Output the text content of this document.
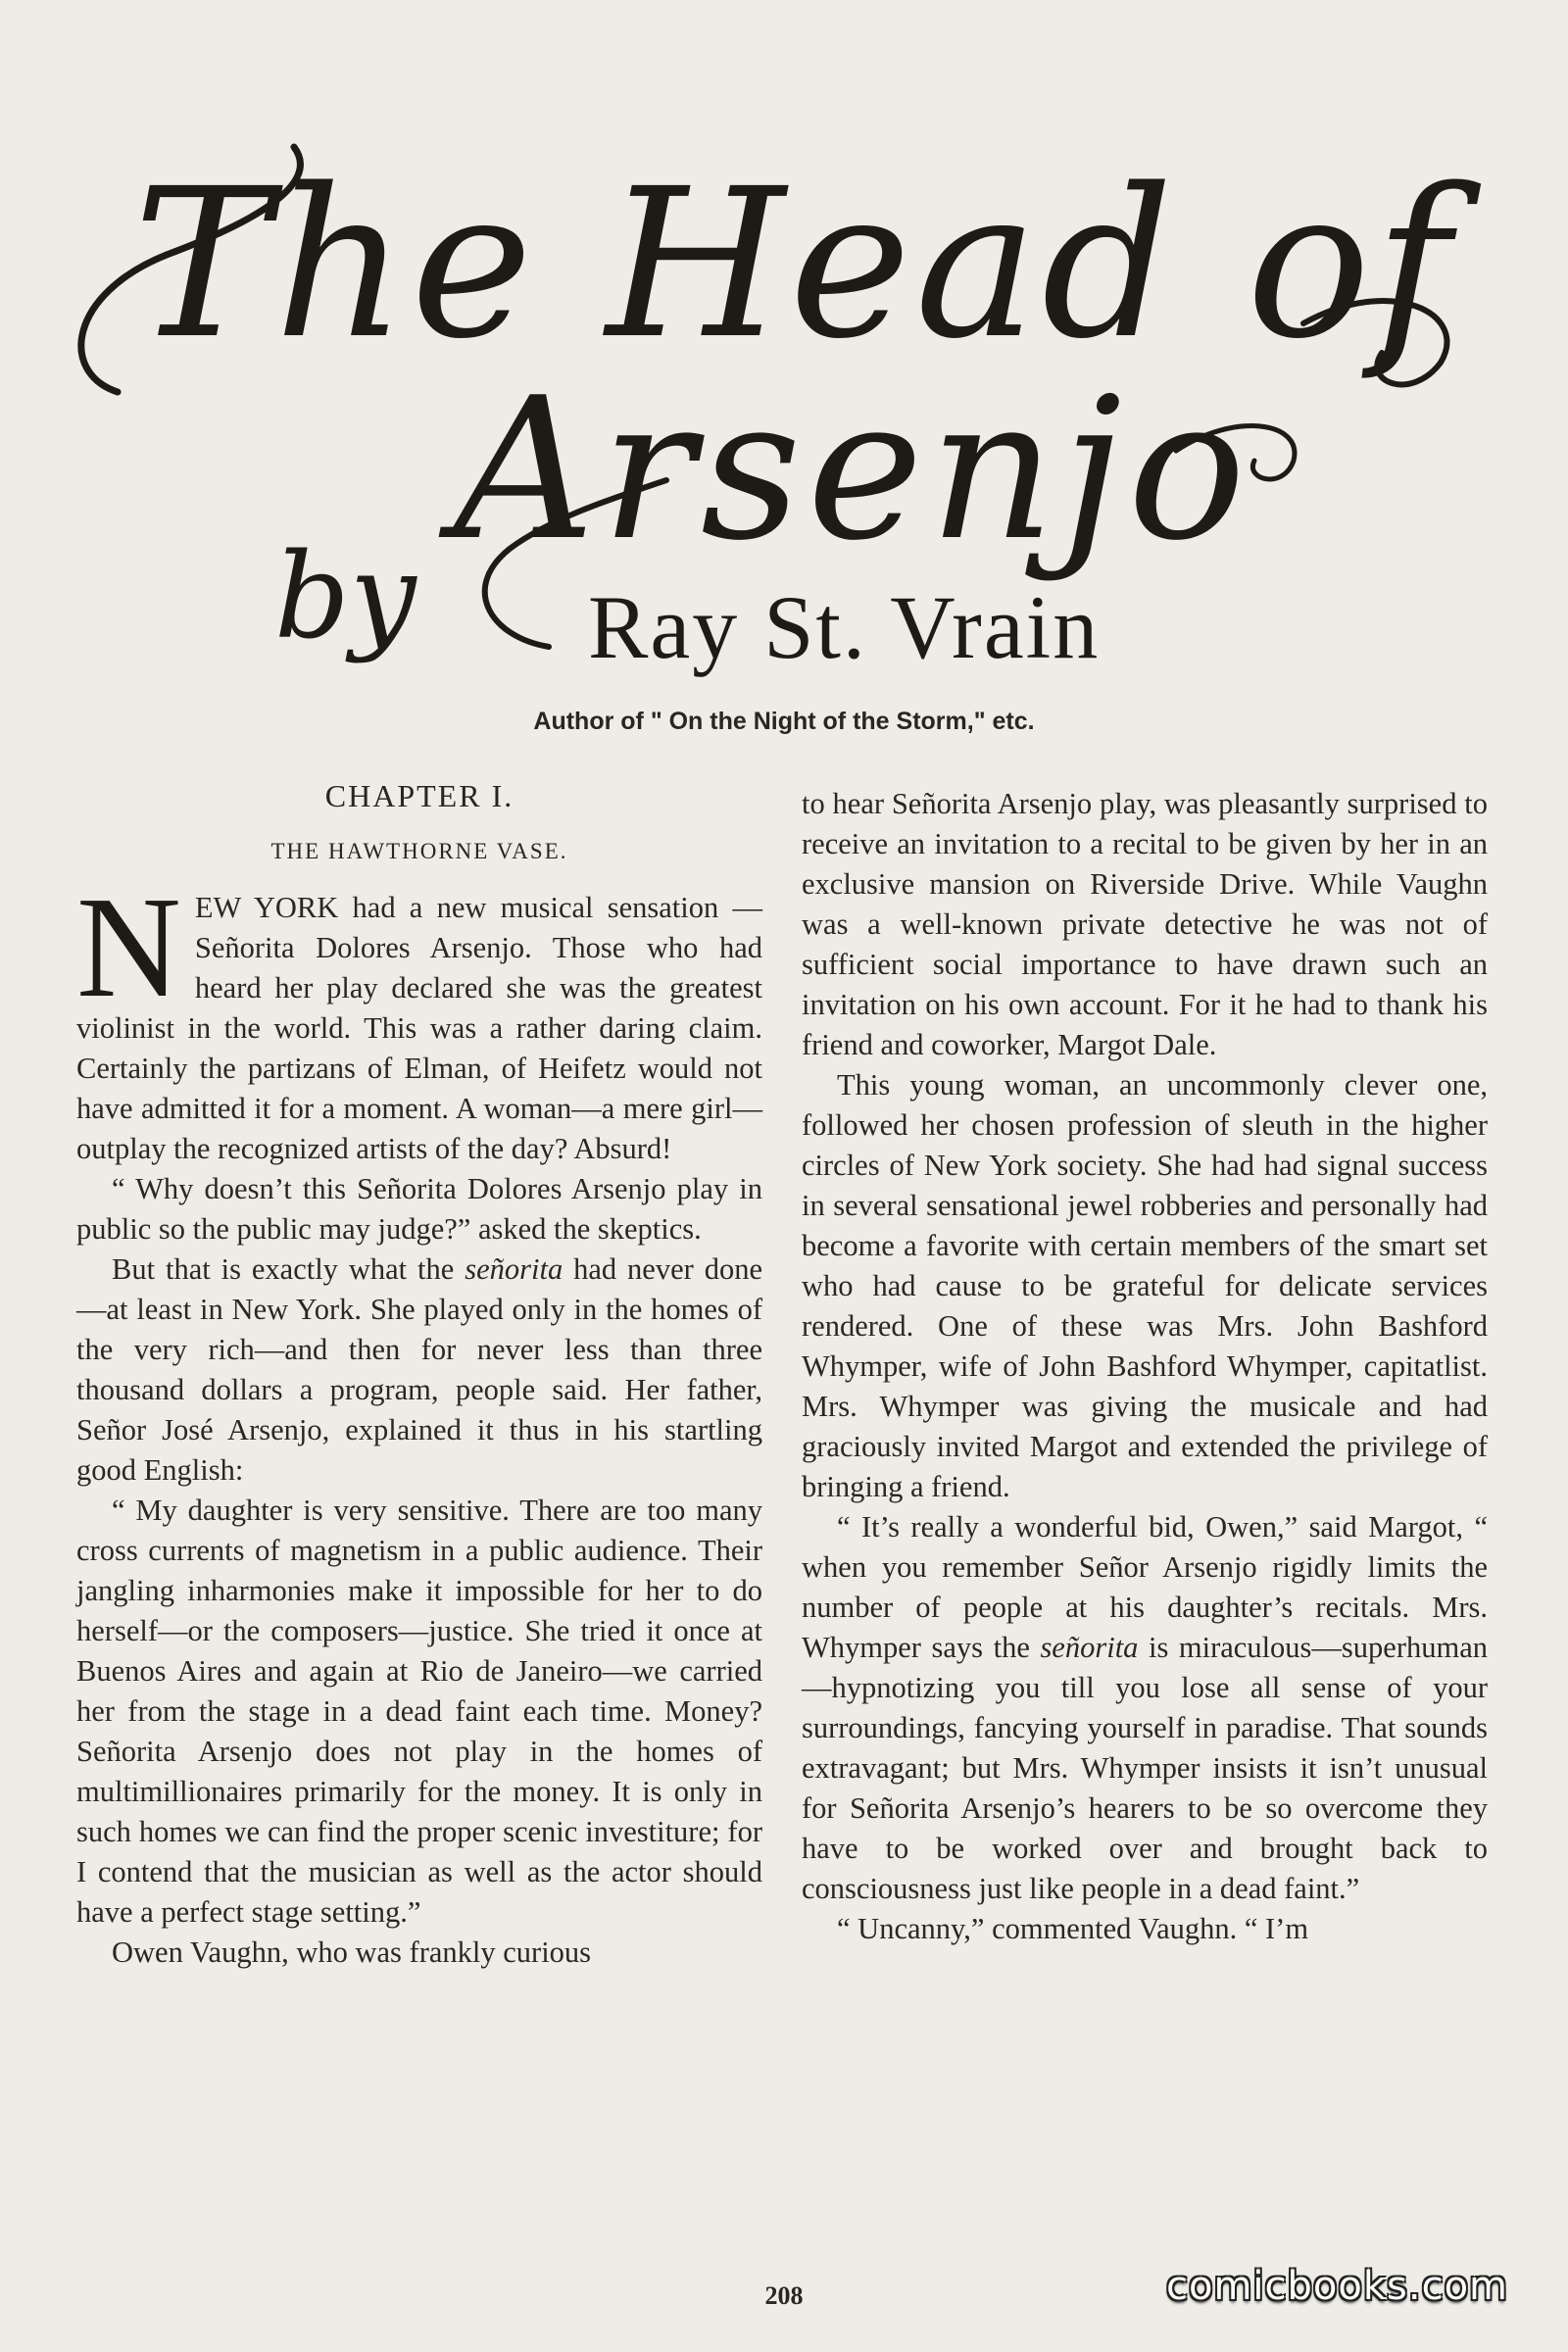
The Head of
Arsenjo
by Ray St. Vrain
Author of " On the Night of the Storm," etc.
CHAPTER I.
THE HAWTHORNE VASE.

NEW YORK had a new musical sensation — Señorita Dolores Arsenjo. Those who had heard her play declared she was the greatest violinist in the world. This was a rather daring claim. Certainly the partizans of Elman, of Heifetz would not have admitted it for a moment. A woman—a mere girl—outplay the recognized artists of the day? Absurd!

“ Why doesn’t this Señorita Dolores Arsenjo play in public so the public may judge?” asked the skeptics.

But that is exactly what the señorita had never done—at least in New York. She played only in the homes of the very rich—and then for never less than three thousand dollars a program, people said. Her father, Señor José Arsenjo, explained it thus in his startling good English:

“ My daughter is very sensitive. There are too many cross currents of magnetism in a public audience. Their jangling inharmonies make it impossible for her to do herself—or the composers—justice. She tried it once at Buenos Aires and again at Rio de Janeiro—we carried her from the stage in a dead faint each time. Money? Señorita Arsenjo does not play in the homes of multimillionaires primarily for the money. It is only in such homes we can find the proper scenic investiture; for I contend that the musician as well as the actor should have a perfect stage setting.”

Owen Vaughn, who was frankly curious

to hear Señorita Arsenjo play, was pleasantly surprised to receive an invitation to a recital to be given by her in an exclusive mansion on Riverside Drive. While Vaughn was a well-known private detective he was not of sufficient social importance to have drawn such an invitation on his own account. For it he had to thank his friend and coworker, Margot Dale.

This young woman, an uncommonly clever one, followed her chosen profession of sleuth in the higher circles of New York society. She had had signal success in several sensational jewel robberies and personally had become a favorite with certain members of the smart set who had cause to be grateful for delicate services rendered. One of these was Mrs. John Bashford Whymper, wife of John Bashford Whymper, capitatlist. Mrs. Whymper was giving the musicale and had graciously invited Margot and extended the privilege of bringing a friend.

“ It’s really a wonderful bid, Owen,” said Margot, “ when you remember Señor Arsenjo rigidly limits the number of people at his daughter’s recitals. Mrs. Whymper says the señorita is miraculous—superhuman—hypnotizing you till you lose all sense of your surroundings, fancying yourself in paradise. That sounds extravagant; but Mrs. Whymper insists it isn’t unusual for Señorita Arsenjo’s hearers to be so overcome they have to be worked over and brought back to consciousness just like people in a dead faint.”

“ Uncanny,” commented Vaughn. “ I’m

208	comicbooks.com
